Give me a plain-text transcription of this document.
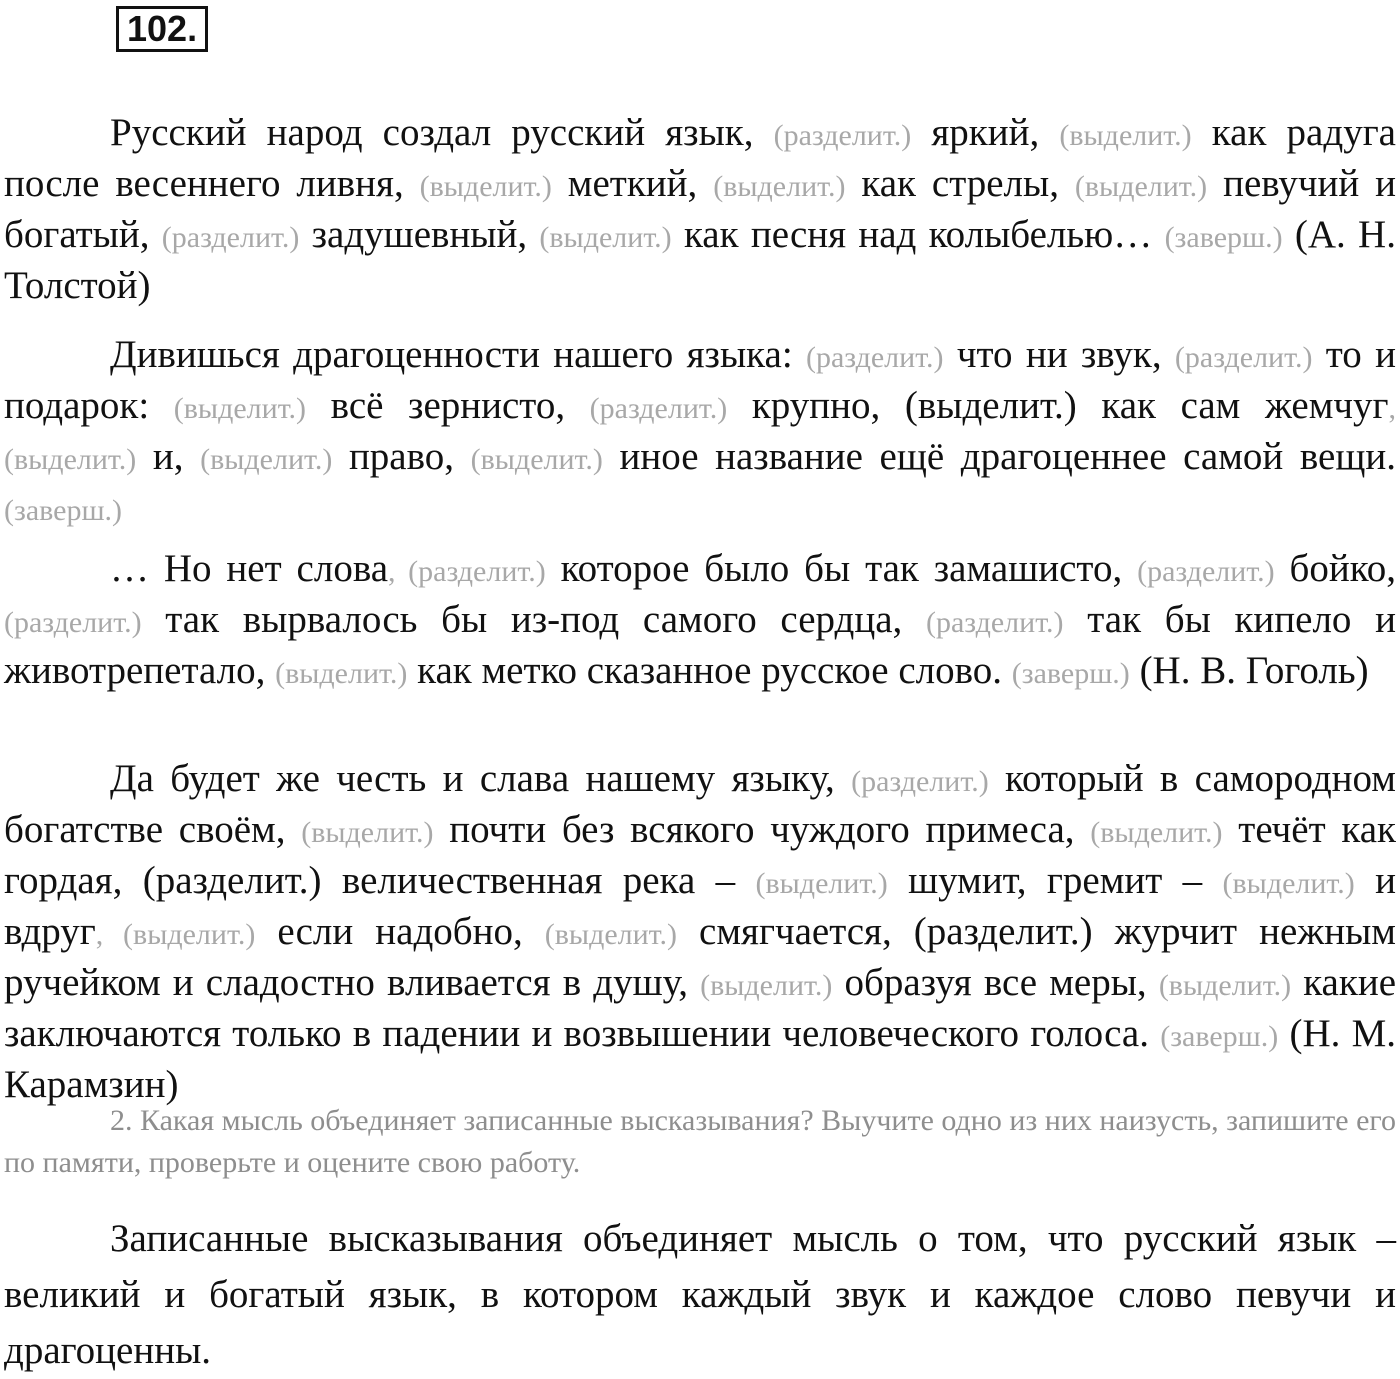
102.

Русский народ создал русский язык, (разделит.) яркий, (выделит.) как радуга после весеннего ливня, (выделит.) меткий, (выделит.) как стрелы, (выделит.) певучий и богатый, (разделит.) задушевный, (выделит.) как песня над колыбелью… (заверш.) (А. Н. Толстой)

Дивишься драгоценности нашего языка: (разделит.) что ни звук, (разделит.) то и подарок: (выделит.) всё зернисто, (разделит.) крупно, (выделит.) как сам жемчуг, (выделит.) и, (выделит.) право, (выделит.) иное название ещё драгоценнее самой вещи. (заверш.)

… Но нет слова, (разделит.) которое было бы так замашисто, (разделит.) бойко, (разделит.) так вырвалось бы из-под самого сердца, (разделит.) так бы кипело и животрепетало, (выделит.) как метко сказанное русское слово. (заверш.) (Н. В. Гоголь)

Да будет же честь и слава нашему языку, (разделит.) который в самородном богатстве своём, (выделит.) почти без всякого чуждого примеса, (выделит.) течёт как гордая, (разделит.) величественная река – (выделит.) шумит, гремит – (выделит.) и вдруг, (выделит.) если надобно, (выделит.) смягчается, (разделит.) журчит нежным ручейком и сладостно вливается в душу, (выделит.) образуя все меры, (выделит.) какие заключаются только в падении и возвышении человеческого голоса. (заверш.) (Н. М. Карамзин)

2. Какая мысль объединяет записанные высказывания? Выучите одно из них наизусть, запишите его по памяти, проверьте и оцените свою работу.

Записанные высказывания объединяет мысль о том, что русский язык – великий и богатый язык, в котором каждый звук и каждое слово певучи и драгоценны.
